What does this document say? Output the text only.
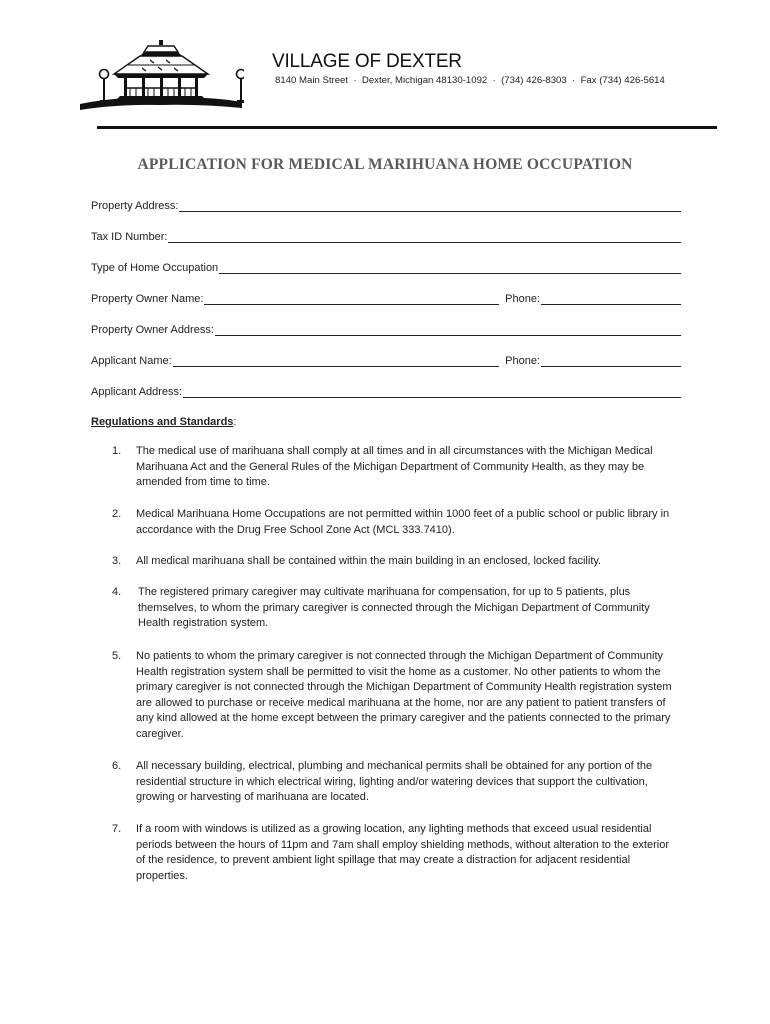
VILLAGE OF DEXTER
8140 Main Street  ·  Dexter, Michigan 48130-1092  ·  (734) 426-8303  ·  Fax (734) 426-5614
APPLICATION FOR MEDICAL MARIHUANA HOME OCCUPATION
Property Address:
Tax ID Number:
Type of Home Occupation
Property Owner Name:	Phone:
Property Owner Address:
Applicant Name:	Phone:
Applicant Address:
Regulations and Standards:
1. The medical use of marihuana shall comply at all times and in all circumstances with the Michigan Medical Marihuana Act and the General Rules of the Michigan Department of Community Health, as they may be amended from time to time.
2. Medical Marihuana Home Occupations are not permitted within 1000 feet of a public school or public library in accordance with the Drug Free School Zone Act (MCL 333.7410).
3. All medical marihuana shall be contained within the main building in an enclosed, locked facility.
4. The registered primary caregiver may cultivate marihuana for compensation, for up to 5 patients, plus themselves, to whom the primary caregiver is connected through the Michigan Department of Community Health registration system.
5. No patients to whom the primary caregiver is not connected through the Michigan Department of Community Health registration system shall be permitted to visit the home as a customer. No other patients to whom the primary caregiver is not connected through the Michigan Department of Community Health registration system are allowed to purchase or receive medical marihuana at the home, nor are any patient to patient transfers of any kind allowed at the home except between the primary caregiver and the patients connected to the primary caregiver.
6. All necessary building, electrical, plumbing and mechanical permits shall be obtained for any portion of the residential structure in which electrical wiring, lighting and/or watering devices that support the cultivation, growing or harvesting of marihuana are located.
7. If a room with windows is utilized as a growing location, any lighting methods that exceed usual residential periods between the hours of 11pm and 7am shall employ shielding methods, without alteration to the exterior of the residence, to prevent ambient light spillage that may create a distraction for adjacent residential properties.
